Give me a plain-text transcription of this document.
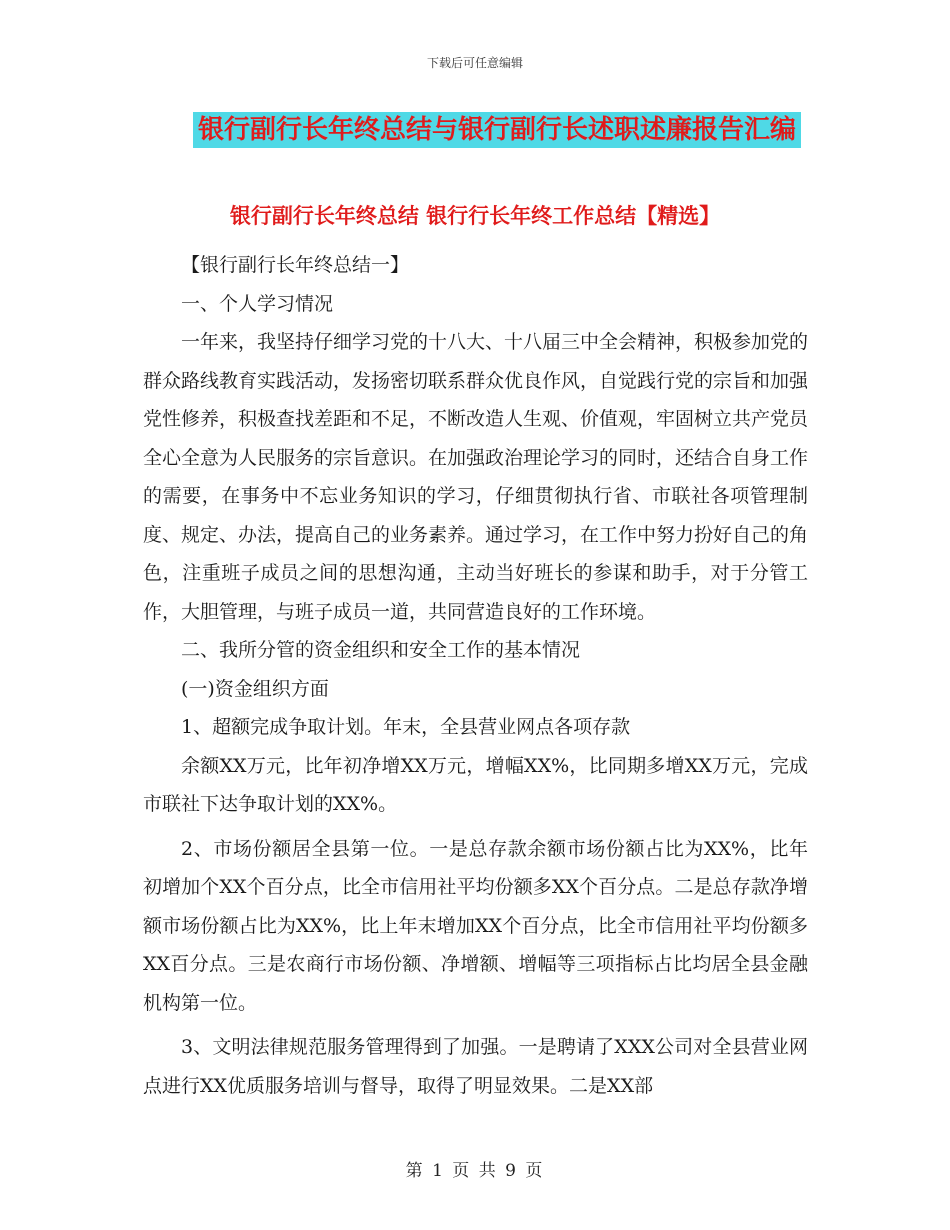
下载后可任意编辑
银行副行长年终总结与银行副行长述职述廉报告汇编
银行副行长年终总结 银行行长年终工作总结【精选】

【银行副行长年终总结一】

一、个人学习情况

一年来，我坚持仔细学习党的十八大、十八届三中全会精神，积极参加党的群众路线教育实践活动，发扬密切联系群众优良作风，自觉践行党的宗旨和加强党性修养，积极查找差距和不足，不断改造人生观、价值观，牢固树立共产党员全心全意为人民服务的宗旨意识。在加强政治理论学习的同时，还结合自身工作的需要，在事务中不忘业务知识的学习，仔细贯彻执行省、市联社各项管理制度、规定、办法，提高自己的业务素养。通过学习，在工作中努力扮好自己的角色，注重班子成员之间的思想沟通，主动当好班长的参谋和助手，对于分管工作，大胆管理，与班子成员一道，共同营造良好的工作环境。

二、我所分管的资金组织和安全工作的基本情况

(一)资金组织方面

1、超额完成争取计划。年末，全县营业网点各项存款

余额XX万元，比年初净增XX万元，增幅XX%，比同期多增XX万元，完成市联社下达争取计划的XX%。

2、市场份额居全县第一位。一是总存款余额市场份额占比为XX%，比年初增加个XX个百分点，比全市信用社平均份额多XX个百分点。二是总存款净增额市场份额占比为XX%，比上年末增加XX个百分点，比全市信用社平均份额多XX百分点。三是农商行市场份额、净增额、增幅等三项指标占比均居全县金融机构第一位。

3、文明法律规范服务管理得到了加强。一是聘请了XXX公司对全县营业网点进行XX优质服务培训与督导，取得了明显效果。二是XX部

第 1 页 共 9 页
